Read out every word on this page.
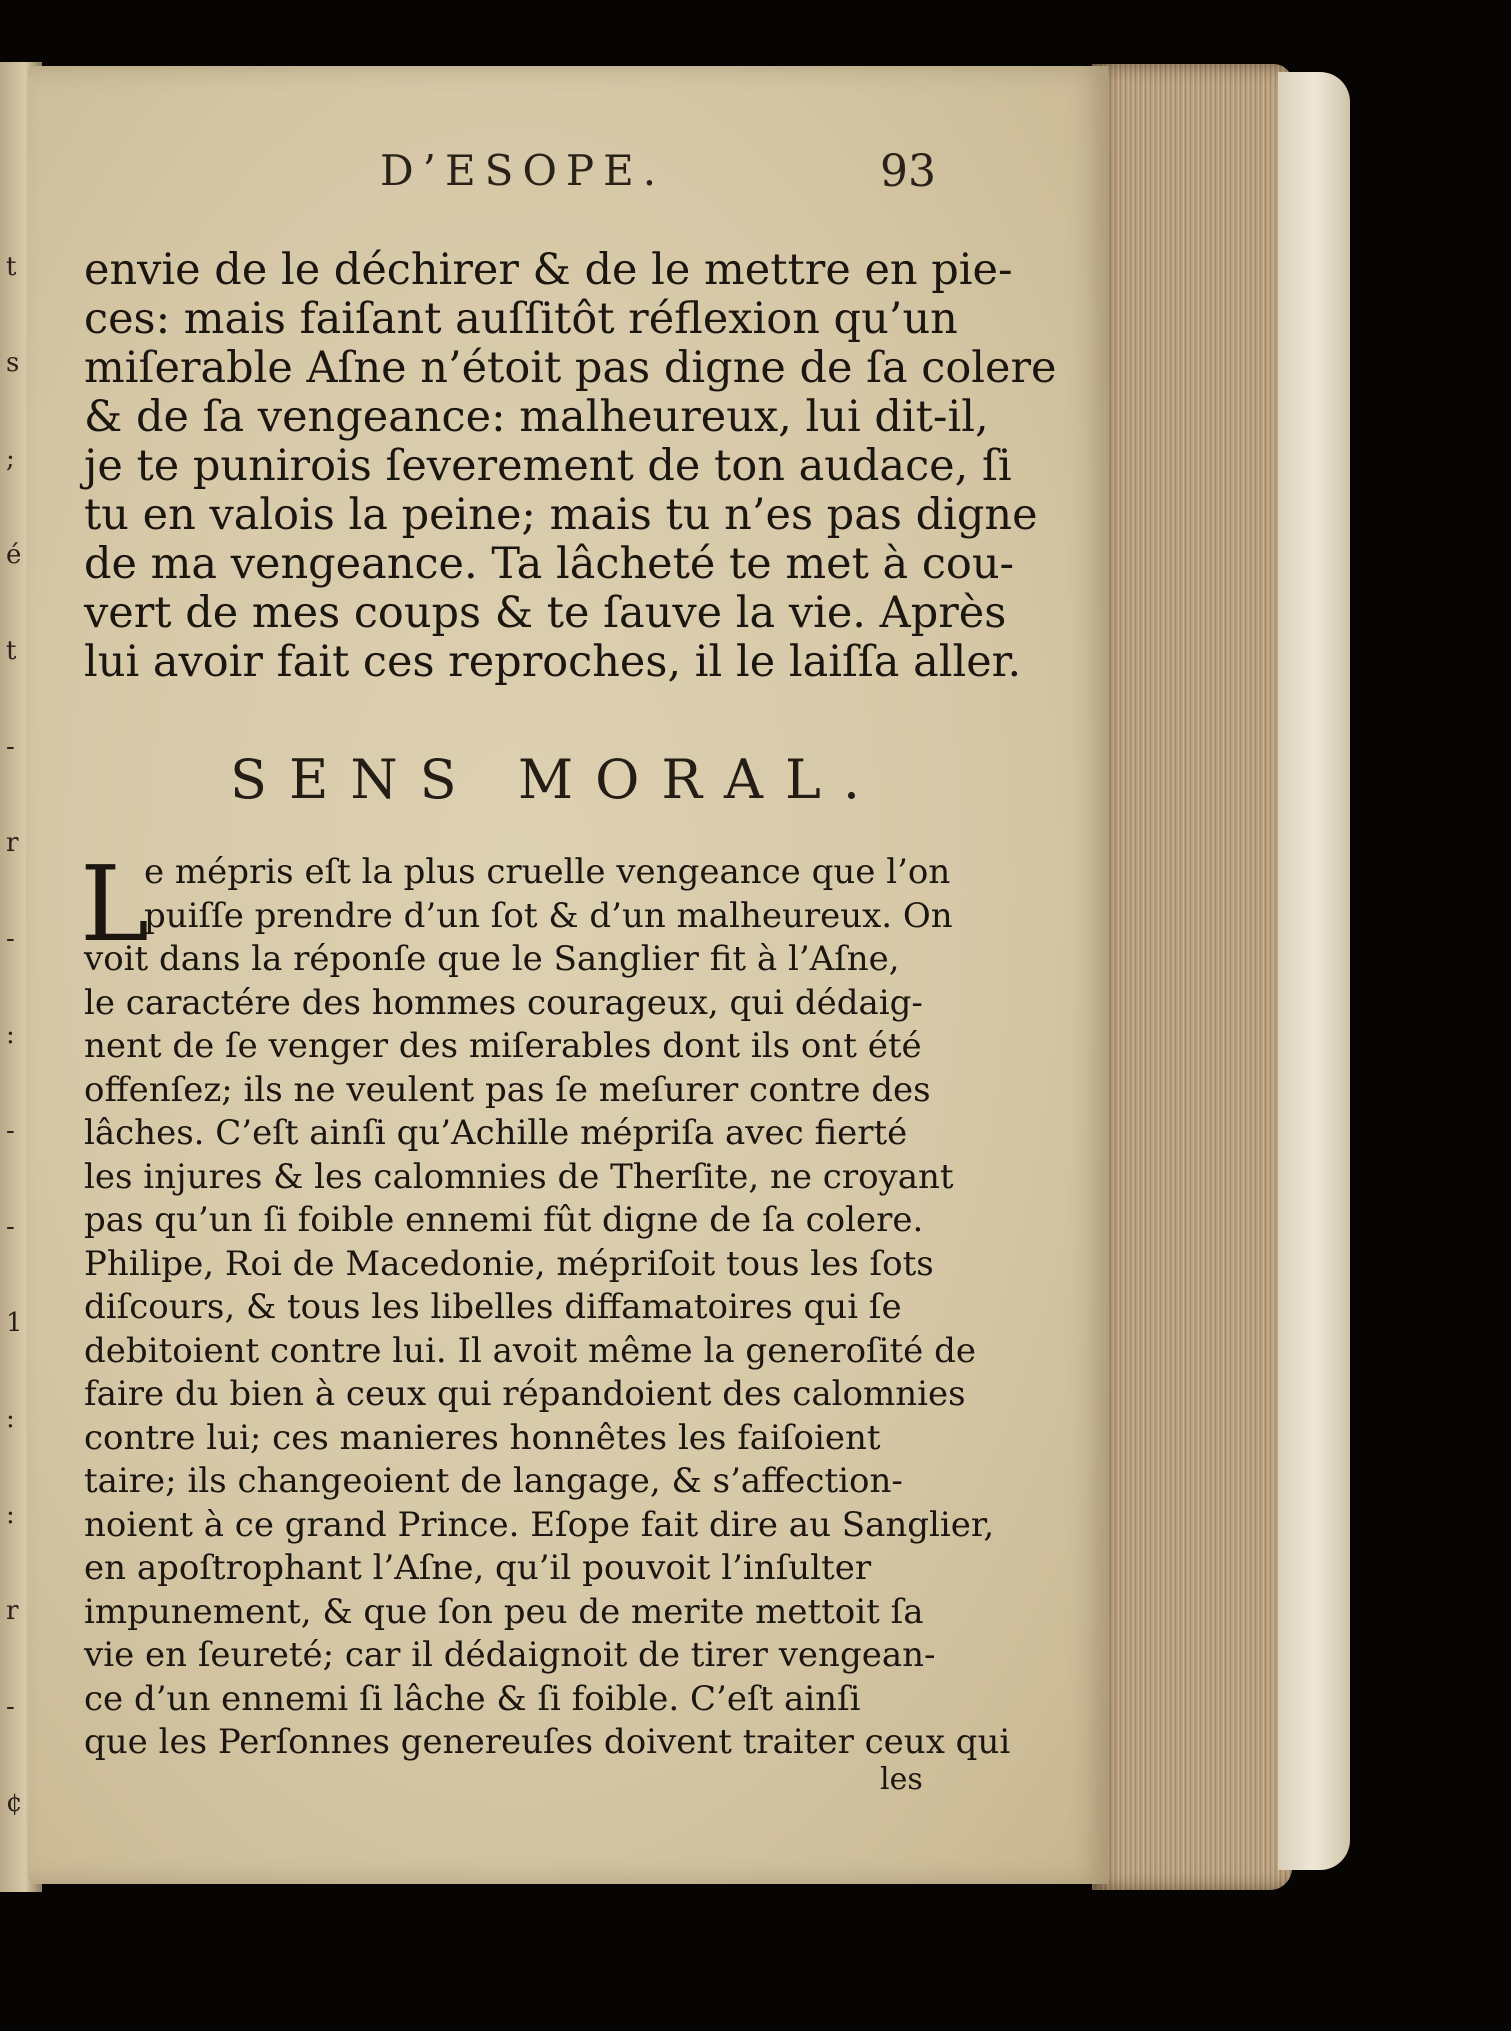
t
s
;
é
t
-
r
-
:
-
-
1
:
:
r
-
¢
D’ESOPE.	93
envie de le déchirer & de le mettre en pie-
ces: mais faiſant auſſitôt réflexion qu’un
miſerable Aſne n’étoit pas digne de ſa colere
& de ſa vengeance: malheureux, lui dit-il,
je te punirois ſeverement de ton audace, ſi
tu en valois la peine; mais tu n’es pas digne
de ma vengeance. Ta lâcheté te met à cou-
vert de mes coups & te ſauve la vie. Après
lui avoir fait ces reproches, il le laiſſa aller.
SENS MORAL.
L
e mépris eſt la plus cruelle vengeance que l’on
puiſſe prendre d’un ſot & d’un malheureux. On
voit dans la réponſe que le Sanglier fit à l’Aſne,
le caractére des hommes courageux, qui dédaig-
nent de ſe venger des miſerables dont ils ont été
offenſez; ils ne veulent pas ſe meſurer contre des
lâches. C’eſt ainſi qu’Achille mépriſa avec fierté
les injures & les calomnies de Therſite, ne croyant
pas qu’un ſi foible ennemi fût digne de ſa colere.
Philipe, Roi de Macedonie, mépriſoit tous les ſots
diſcours, & tous les libelles diffamatoires qui ſe
debitoient contre lui. Il avoit même la generoſité de
faire du bien à ceux qui répandoient des calomnies
contre lui; ces manieres honnêtes les faiſoient
taire; ils changeoient de langage, & s’affection-
noient à ce grand Prince. Eſope fait dire au Sanglier,
en apoſtrophant l’Aſne, qu’il pouvoit l’inſulter
impunement, & que ſon peu de merite mettoit ſa
vie en ſeureté; car il dédaignoit de tirer vengean-
ce d’un ennemi ſi lâche & ſi foible. C’eſt ainſi
que les Perſonnes genereuſes doivent traiter ceux qui
les
